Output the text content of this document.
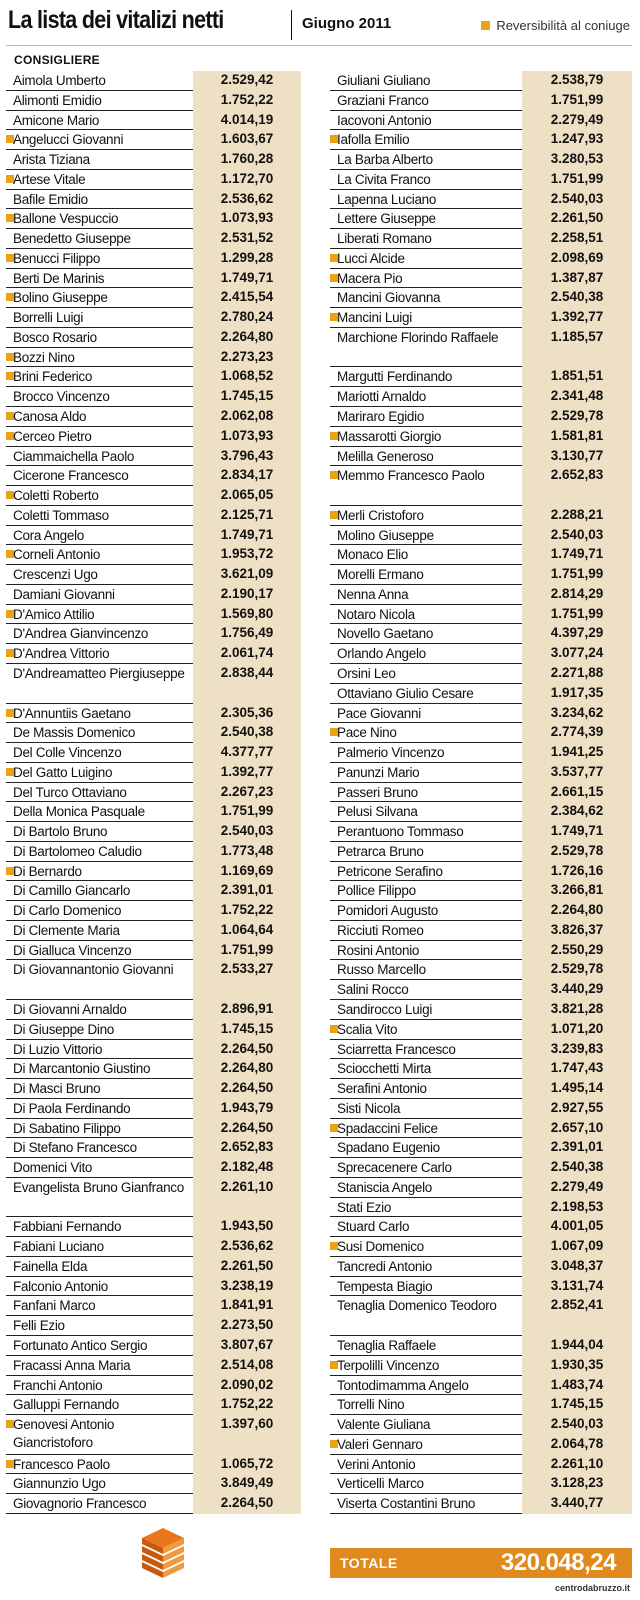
La lista dei vitalizi netti	Giugno 2011	Reversibilità al coniuge
CONSIGLIERE
Aimola Umberto	2.529,42
Alimonti Emidio	1.752,22
Amicone Mario	4.014,19
Angelucci Giovanni	1.603,67
Arista Tiziana	1.760,28
Artese Vitale	1.172,70
Bafile Emidio	2.536,62
Ballone Vespuccio	1.073,93
Benedetto Giuseppe	2.531,52
Benucci Filippo	1.299,28
Berti De Marinis	1.749,71
Bolino Giuseppe	2.415,54
Borrelli Luigi	2.780,24
Bosco Rosario	2.264,80
Bozzi Nino	2.273,23
Brini Federico	1.068,52
Brocco Vincenzo	1.745,15
Canosa Aldo	2.062,08
Cerceo Pietro	1.073,93
Ciammaichella Paolo	3.796,43
Cicerone Francesco	2.834,17
Coletti Roberto	2.065,05
Coletti Tommaso	2.125,71
Cora Angelo	1.749,71
Corneli Antonio	1.953,72
Crescenzi Ugo	3.621,09
Damiani Giovanni	2.190,17
D'Amico Attilio	1.569,80
D'Andrea Gianvincenzo	1.756,49
D'Andrea Vittorio	2.061,74
D'Andreamatteo Piergiuseppe	2.838,44
D'Annuntiis Gaetano	2.305,36
De Massis Domenico	2.540,38
Del Colle Vincenzo	4.377,77
Del Gatto Luigino	1.392,77
Del Turco Ottaviano	2.267,23
Della Monica Pasquale	1.751,99
Di Bartolo Bruno	2.540,03
Di Bartolomeo Caludio	1.773,48
Di Bernardo	1.169,69
Di Camillo Giancarlo	2.391,01
Di Carlo Domenico	1.752,22
Di Clemente Maria	1.064,64
Di Gialluca Vincenzo	1.751,99
Di Giovannantonio Giovanni	2.533,27
Di Giovanni Arnaldo	2.896,91
Di Giuseppe Dino	1.745,15
Di Luzio Vittorio	2.264,50
Di Marcantonio Giustino	2.264,80
Di Masci Bruno	2.264,50
Di Paola Ferdinando	1.943,79
Di Sabatino Filippo	2.264,50
Di Stefano Francesco	2.652,83
Domenici Vito	2.182,48
Evangelista Bruno Gianfranco	2.261,10
Fabbiani Fernando	1.943,50
Fabiani Luciano	2.536,62
Fainella Elda	2.261,50
Falconio Antonio	3.238,19
Fanfani Marco	1.841,91
Felli Ezio	2.273,50
Fortunato Antico Sergio	3.807,67
Fracassi Anna Maria	2.514,08
Franchi Antonio	2.090,02
Galluppi Fernando	1.752,22
Genovesi Antonio Giancristoforo
1.397,60
Francesco Paolo	1.065,72
Giannunzio Ugo	3.849,49
Giovagnorio Francesco	2.264,50
Giuliani Giuliano	2.538,79
Graziani Franco	1.751,99
Iacovoni Antonio	2.279,49
Iafolla Emilio	1.247,93
La Barba Alberto	3.280,53
La Civita Franco	1.751,99
Lapenna Luciano	2.540,03
Lettere Giuseppe	2.261,50
Liberati Romano	2.258,51
Lucci Alcide	2.098,69
Macera Pio	1.387,87
Mancini Giovanna	2.540,38
Mancini Luigi	1.392,77
Marchione Florindo Raffaele	1.185,57
Margutti Ferdinando	1.851,51
Mariotti Arnaldo	2.341,48
Mariraro Egidio	2.529,78
Massarotti Giorgio	1.581,81
Melilla Generoso	3.130,77
Memmo Francesco Paolo	2.652,83
Merli Cristoforo	2.288,21
Molino Giuseppe	2.540,03
Monaco Elio	1.749,71
Morelli Ermano	1.751,99
Nenna Anna	2.814,29
Notaro Nicola	1.751,99
Novello Gaetano	4.397,29
Orlando Angelo	3.077,24
Orsini Leo	2.271,88
Ottaviano Giulio Cesare	1.917,35
Pace Giovanni	3.234,62
Pace Nino	2.774,39
Palmerio Vincenzo	1.941,25
Panunzi Mario	3.537,77
Passeri Bruno	2.661,15
Pelusi Silvana	2.384,62
Perantuono Tommaso	1.749,71
Petrarca Bruno	2.529,78
Petricone Serafino	1.726,16
Pollice Filippo	3.266,81
Pomidori Augusto	2.264,80
Ricciuti Romeo	3.826,37
Rosini Antonio	2.550,29
Russo Marcello	2.529,78
Salini Rocco	3.440,29
Sandirocco Luigi	3.821,28
Scalia Vito	1.071,20
Sciarretta Francesco	3.239,83
Sciocchetti Mirta	1.747,43
Serafini Antonio	1.495,14
Sisti Nicola	2.927,55
Spadaccini Felice	2.657,10
Spadano Eugenio	2.391,01
Sprecacenere Carlo	2.540,38
Staniscia Angelo	2.279,49
Stati Ezio	2.198,53
Stuard Carlo	4.001,05
Susi Domenico	1.067,09
Tancredi Antonio	3.048,37
Tempesta Biagio	3.131,74
Tenaglia Domenico Teodoro	2.852,41
Tenaglia Raffaele	1.944,04
Terpolilli Vincenzo	1.930,35
Tontodimamma Angelo	1.483,74
Torrelli Nino	1.745,15
Valente Giuliana	2.540,03
Valeri Gennaro	2.064,78
Verini Antonio	2.261,10
Verticelli Marco	3.128,23
Viserta Costantini Bruno	3.440,77
TOTALE	320.048,24
centrodabruzzo.it
